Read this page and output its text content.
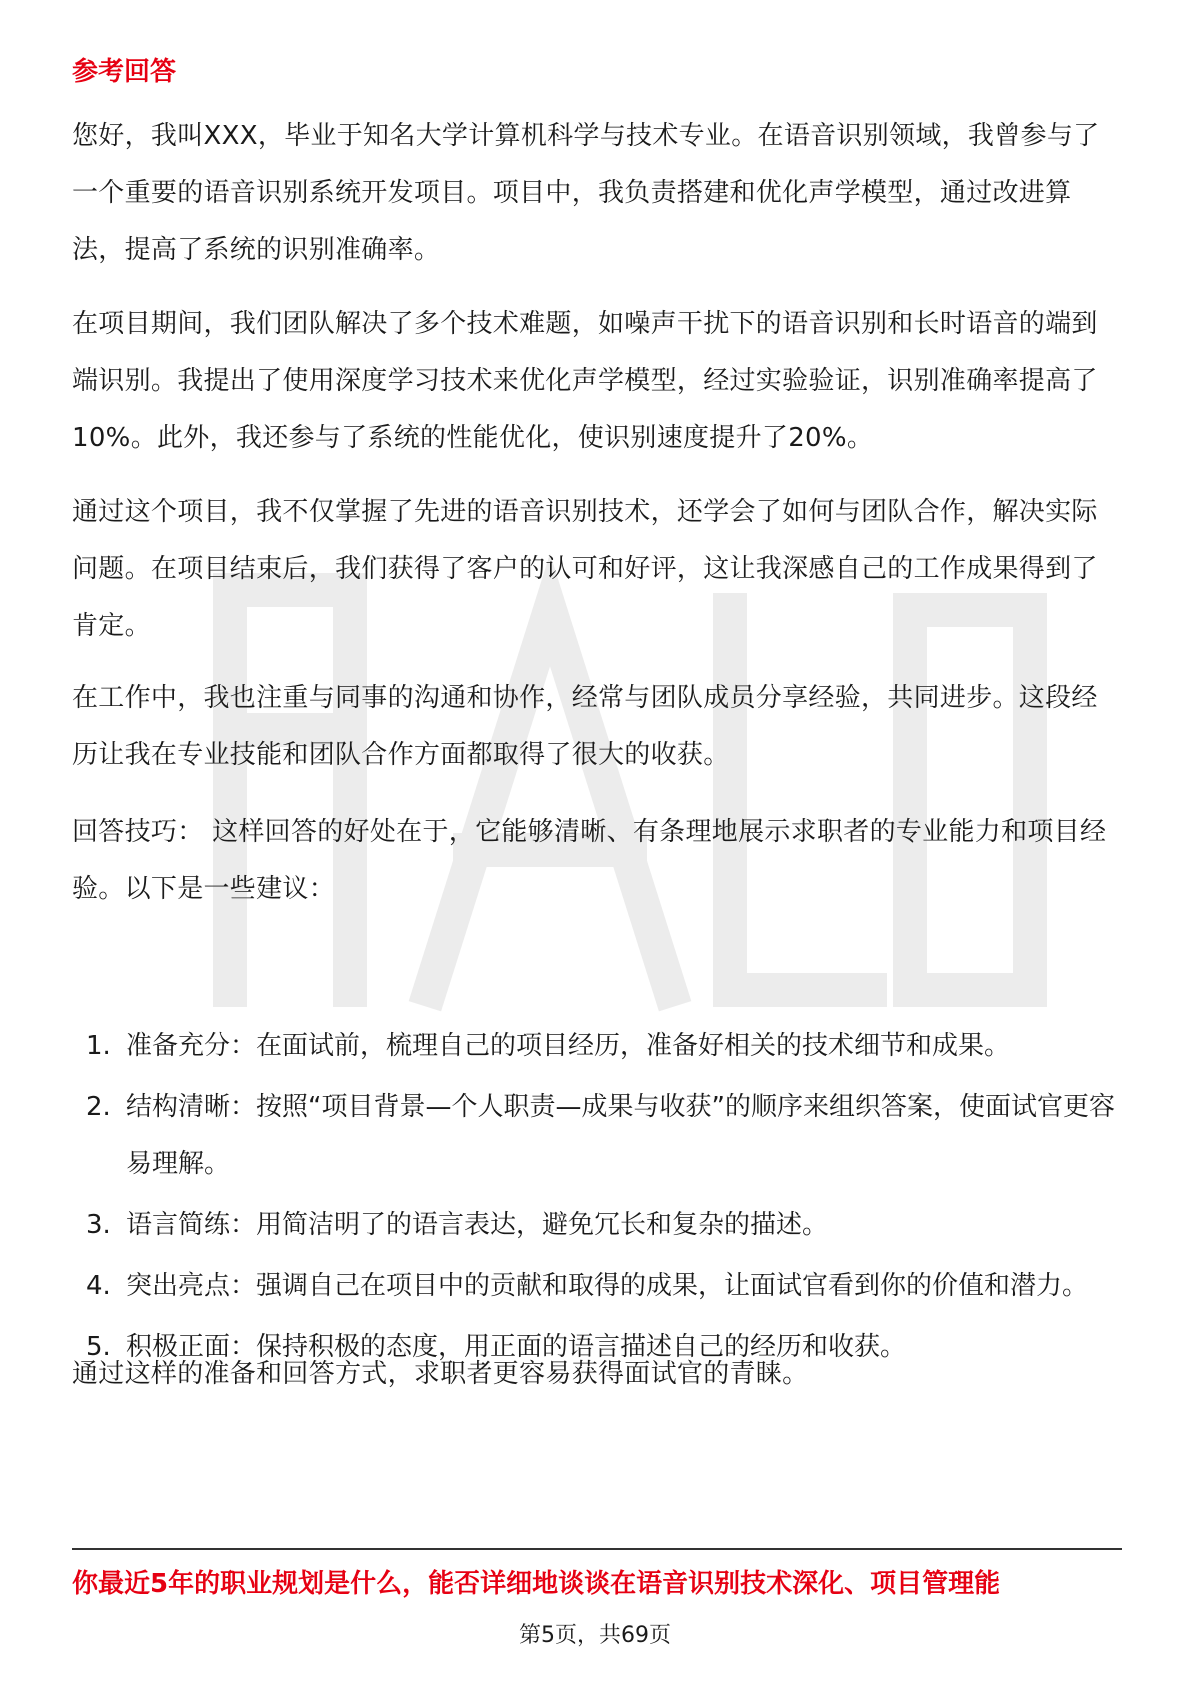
参考回答

您好，我叫XXX，毕业于知名大学计算机科学与技术专业。在语音识别领域，我曾参与了一个重要的语音识别系统开发项目。项目中，我负责搭建和优化声学模型，通过改进算法，提高了系统的识别准确率。

在项目期间，我们团队解决了多个技术难题，如噪声干扰下的语音识别和长时语音的端到端识别。我提出了使用深度学习技术来优化声学模型，经过实验验证，识别准确率提高了10%。此外，我还参与了系统的性能优化，使识别速度提升了20%。

通过这个项目，我不仅掌握了先进的语音识别技术，还学会了如何与团队合作，解决实际问题。在项目结束后，我们获得了客户的认可和好评，这让我深感自己的工作成果得到了肯定。

在工作中，我也注重与同事的沟通和协作，经常与团队成员分享经验，共同进步。这段经历让我在专业技能和团队合作方面都取得了很大的收获。

回答技巧： 这样回答的好处在于，它能够清晰、有条理地展示求职者的专业能力和项目经验。以下是一些建议：

1. 准备充分：在面试前，梳理自己的项目经历，准备好相关的技术细节和成果。
2. 结构清晰：按照“项目背景—个人职责—成果与收获”的顺序来组织答案，使面试官更容易理解。
3. 语言简练：用简洁明了的语言表达，避免冗长和复杂的描述。
4. 突出亮点：强调自己在项目中的贡献和取得的成果，让面试官看到你的价值和潜力。
5. 积极正面：保持积极的态度，用正面的语言描述自己的经历和收获。

通过这样的准备和回答方式，求职者更容易获得面试官的青睐。

你最近5年的职业规划是什么，能否详细地谈谈在语音识别技术深化、项目管理能
第5页，共69页
